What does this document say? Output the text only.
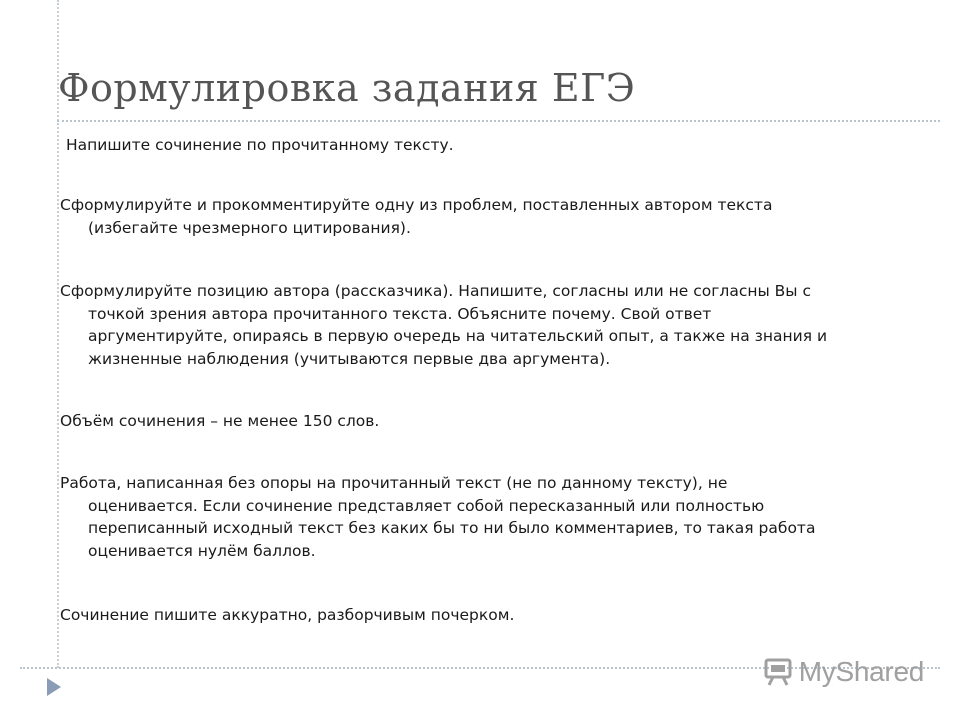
Формулировка задания ЕГЭ

Напишите сочинение по прочитанному тексту.

Сформулируйте и прокомментируйте одну из проблем, поставленных автором текста
(избегайте чрезмерного цитирования).

Сформулируйте позицию автора (рассказчика). Напишите, согласны или не согласны Вы с
точкой зрения автора прочитанного текста. Объясните почему. Свой ответ
аргументируйте, опираясь в первую очередь на читательский опыт, а также на знания и
жизненные наблюдения (учитываются первые два аргумента).

Объём сочинения – не менее 150 слов.

Работа, написанная без опоры на прочитанный текст (не по данному тексту), не
оценивается. Если сочинение представляет собой пересказанный или полностью
переписанный исходный текст без каких бы то ни было комментариев, то такая работа
оценивается нулём баллов.

Сочинение пишите аккуратно, разборчивым почерком.

MyShared
